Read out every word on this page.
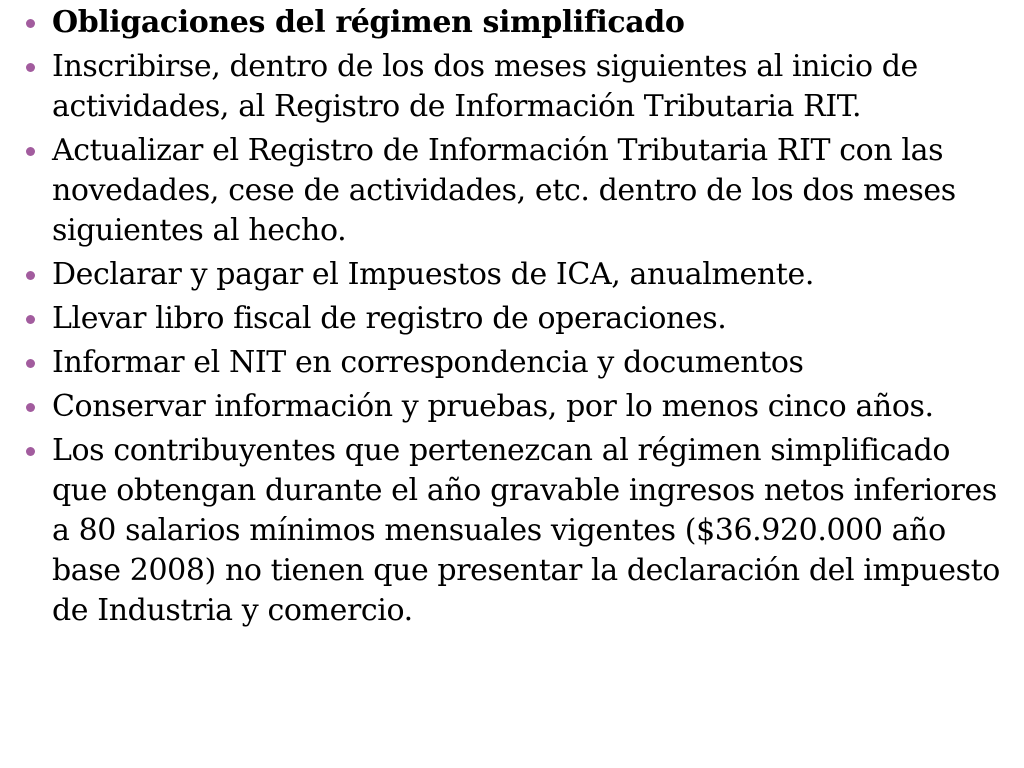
Obligaciones del régimen simplificado
Inscribirse, dentro de los dos meses siguientes al inicio de actividades, al Registro de Información Tributaria RIT.
Actualizar el Registro de Información Tributaria RIT con las novedades, cese de actividades, etc. dentro de los dos meses siguientes al hecho.
Declarar y pagar el Impuestos de ICA, anualmente.
Llevar libro fiscal de registro de operaciones.
Informar el NIT en correspondencia y documentos
Conservar información y pruebas, por lo menos cinco años.
Los contribuyentes que pertenezcan al régimen simplificado que obtengan durante el año gravable ingresos netos inferiores a 80 salarios mínimos mensuales vigentes ($36.920.000 año base 2008) no tienen que presentar la declaración del impuesto de Industria y comercio.
